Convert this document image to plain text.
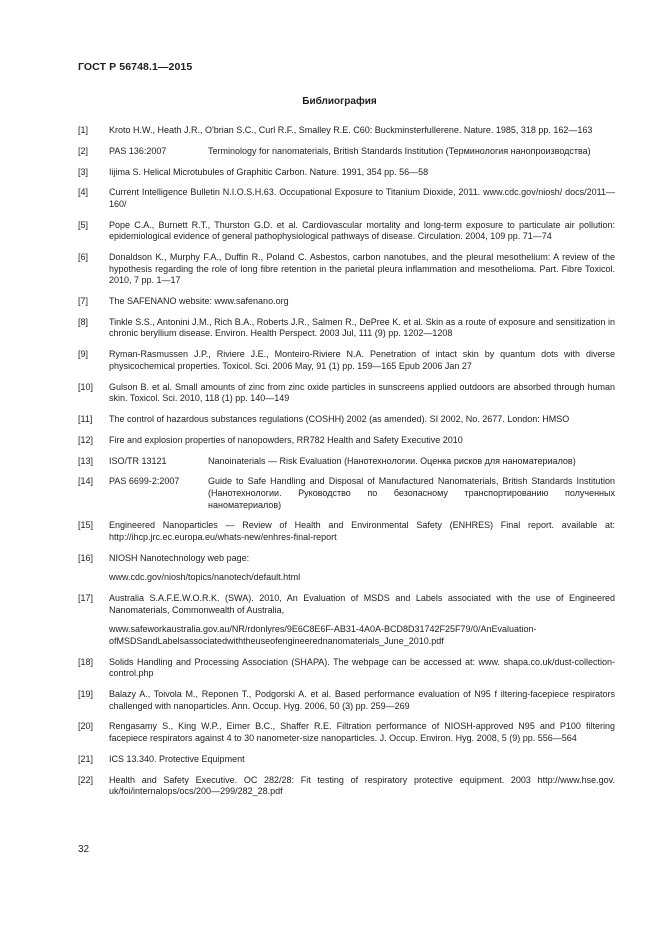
ГОСТ Р 56748.1—2015
Библиография
[1]	Kroto H.W., Heath J.R., O'brian S.C., Curl R.F., Smalley R.E. C60: Buckminsterfullerene. Nature. 1985, 318 pp. 162—163
[2]	PAS 136:2007	Terminology for nanomaterials, British Standards Institution (Терминология нанопроизводства)
[3]	Iijima S. Helical Microtubules of Graphitic Carbon. Nature. 1991, 354 pp. 56—58
[4]	Current Intelligence Bulletin N.I.O.S.H.63. Occupational Exposure to Titanium Dioxide, 2011. www.cdc.gov/niosh/ docs/2011—160/
[5]	Pope C.A., Burnett R.T., Thurston G.D. et al. Cardiovascular mortality and long-term exposure to particulate air pollution: epidemiological evidence of general pathophysiological pathways of disease. Circulation. 2004, 109 pp. 71—74
[6]	Donaldson K., Murphy F.A., Duffin R., Poland C. Asbestos, carbon nanotubes, and the pleural mesothelium: A review of the hypothesis regarding the role of long fibre retention in the parietal pleura inflammation and mesothelioma. Part. Fibre Toxicol. 2010, 7 pp. 1—17
[7]	The SAFENANO website: www.safenano.org
[8]	Tinkle S.S., Antonini J.M., Rich B.A., Roberts J.R., Salmen R., DePree K. et al. Skin as a route of exposure and sensitization in chronic beryllium disease. Environ. Health Perspect. 2003 Jul, 111 (9) pp. 1202—1208
[9]	Ryman-Rasmussen J.P., Riviere J.E., Monteiro-Riviere N.A. Penetration of intact skin by quantum dots with diverse physicochemical properties. Toxicol. Sci. 2006 May, 91 (1) pp. 159—165 Epub 2006 Jan 27
[10]	Gulson B. et al. Small amounts of zinc from zinc oxide particles in sunscreens applied outdoors are absorbed through human skin. Toxicol. Sci. 2010, 118 (1) pp. 140—149
[11]	The control of hazardous substances regulations (COSHH) 2002 (as amended). SI 2002, No. 2677. London: HMSO
[12]	Fire and explosion properties of nanopowders, RR782 Health and Safety Executive 2010
[13]	ISO/TR 13121	Nanoinaterials — Risk Evaluation (Нанотехнологии. Оценка рисков для наноматериалов)
[14]	PAS 6699-2:2007	Guide to Safe Handling and Disposal of Manufactured Nanomaterials, British Standards Institution (Нанотехнологии. Руководство по безопасному транспортированию полученных наноматериалов)
[15]	Engineered Nanoparticles — Review of Health and Environmental Safety (ENHRES) Final report. available at: http://ihcp.jrc.ec.europa.eu/whats-new/enhres-final-report
[16]	NIOSH Nanotechnology web page:
www.cdc.gov/niosh/topics/nanotech/default.html
[17]	Australia S.A.F.E.W.O.R.K. (SWA). 2010, An Evaluation of MSDS and Labels associated with the use of Engineered Nanomaterials, Commonwealth of Australia,
www.safeworkaustralia.gov.au/NR/rdonlyres/9E6C8E6F-AB31-4A0A-BCD8D31742F25F79/0/AnEvaluationofMSDSandLabelsassociatedwiththeuseofengineerednanomaterials_June_2010.pdf
[18]	Solids Handling and Processing Association (SHAPA). The webpage can be accessed at: www. shapa.co.uk/dust-collection-control.php
[19]	Balazy A., Toivola M., Reponen T., Podgorski A. et al. Based performance evaluation of N95 f iltering-facepiece respirators challenged with nanoparticles. Ann. Occup. Hyg. 2006, 50 (3) pp. 259—269
[20]	Rengasamy S., King W.P., Eimer B.C., Shaffer R.E. Filtration performance of NIOSH-approved N95 and P100 filtering facepiece respirators against 4 to 30 nanometer-size nanoparticles. J. Occup. Environ. Hyg. 2008, 5 (9) pp. 556—564
[21]	ICS 13.340. Protective Equipment
[22]	Health and Safety Executive. OC 282/28: Fit testing of respiratory protective equipment. 2003 http://www.hse.gov. uk/foi/internalops/ocs/200—299/282_28.pdf
32
